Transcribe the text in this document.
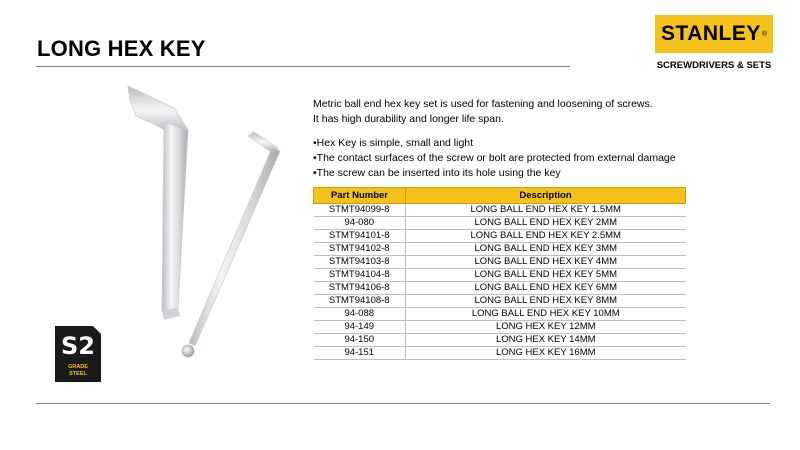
LONG HEX KEY
STANLEY ®
SCREWDRIVERS & SETS
S2
GRADE
STEEL
Metric ball end hex key set is used for fastening and loosening of screws.
It has high durability and longer life span.
•Hex Key is simple, small and light
•The contact surfaces of the screw or bolt are protected from external damage
•The screw can be inserted into its hole using the key
Part Number	Description
STMT94099-8	LONG BALL END HEX KEY 1.5MM
94-080	LONG BALL END HEX KEY 2MM
STMT94101-8	LONG BALL END HEX KEY 2.5MM
STMT94102-8	LONG BALL END HEX KEY 3MM
STMT94103-8	LONG BALL END HEX KEY 4MM
STMT94104-8	LONG BALL END HEX KEY 5MM
STMT94106-8	LONG BALL END HEX KEY 6MM
STMT94108-8	LONG BALL END HEX KEY 8MM
94-088	LONG BALL END HEX KEY 10MM
94-149	LONG HEX KEY 12MM
94-150	LONG HEX KEY 14MM
94-151	LONG HEX KEY 16MM
